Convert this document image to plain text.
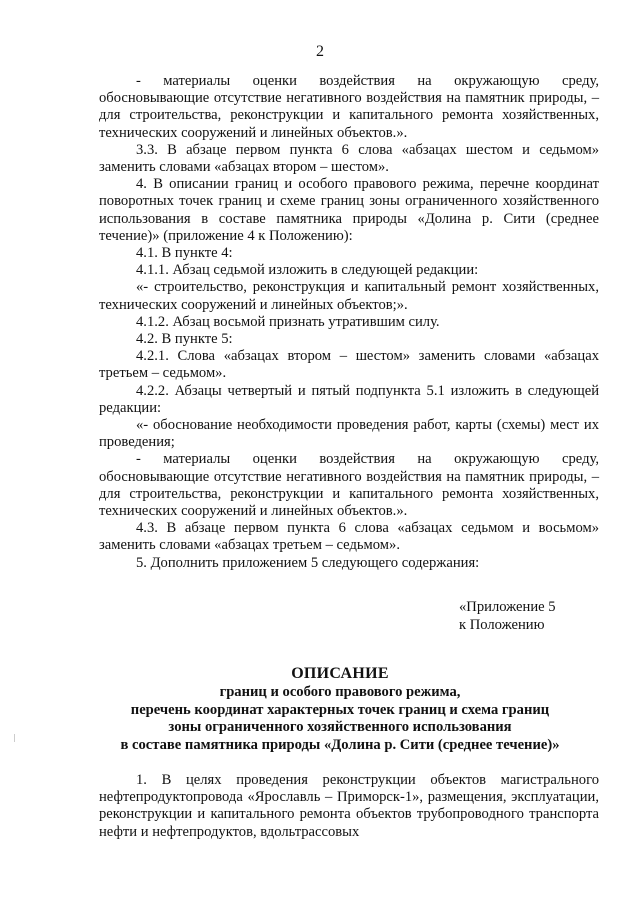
2

- материалы оценки воздействия на окружающую среду, обосновывающие отсутствие негативного воздействия на памятник природы, – для строительства, реконструкции и капитального ремонта хозяйственных, технических сооружений и линейных объектов.».

3.3. В абзаце первом пункта 6 слова «абзацах шестом и седьмом» заменить словами «абзацах втором – шестом».

4. В описании границ и особого правового режима, перечне координат поворотных точек границ и схеме границ зоны ограниченного хозяйственного использования в составе памятника природы «Долина р. Сити (среднее течение)» (приложение 4 к Положению):

4.1. В пункте 4:

4.1.1. Абзац седьмой изложить в следующей редакции:

«- строительство, реконструкция и капитальный ремонт хозяйственных, технических сооружений и линейных объектов;».

4.1.2. Абзац восьмой признать утратившим силу.

4.2. В пункте 5:

4.2.1. Слова «абзацах втором – шестом» заменить словами «абзацах третьем – седьмом».

4.2.2. Абзацы четвертый и пятый подпункта 5.1 изложить в следующей редакции:

«- обоснование необходимости проведения работ, карты (схемы) мест их проведения;

- материалы оценки воздействия на окружающую среду, обосновывающие отсутствие негативного воздействия на памятник природы, – для строительства, реконструкции и капитального ремонта хозяйственных, технических сооружений и линейных объектов.».

4.3. В абзаце первом пункта 6 слова «абзацах седьмом и восьмом» заменить словами «абзацах третьем – седьмом».

5. Дополнить приложением 5 следующего содержания:

«Приложение 5
к Положению
ОПИСАНИЕ
границ и особого правового режима,
перечень координат характерных точек границ и схема границ
зоны ограниченного хозяйственного использования
в составе памятника природы «Долина р. Сити (среднее течение)»

1. В целях проведения реконструкции объектов магистрального нефтепродуктопровода «Ярославль – Приморск-1», размещения, эксплуатации, реконструкции и капитального ремонта объектов трубопроводного транспорта нефти и нефтепродуктов, вдольтрассовых
